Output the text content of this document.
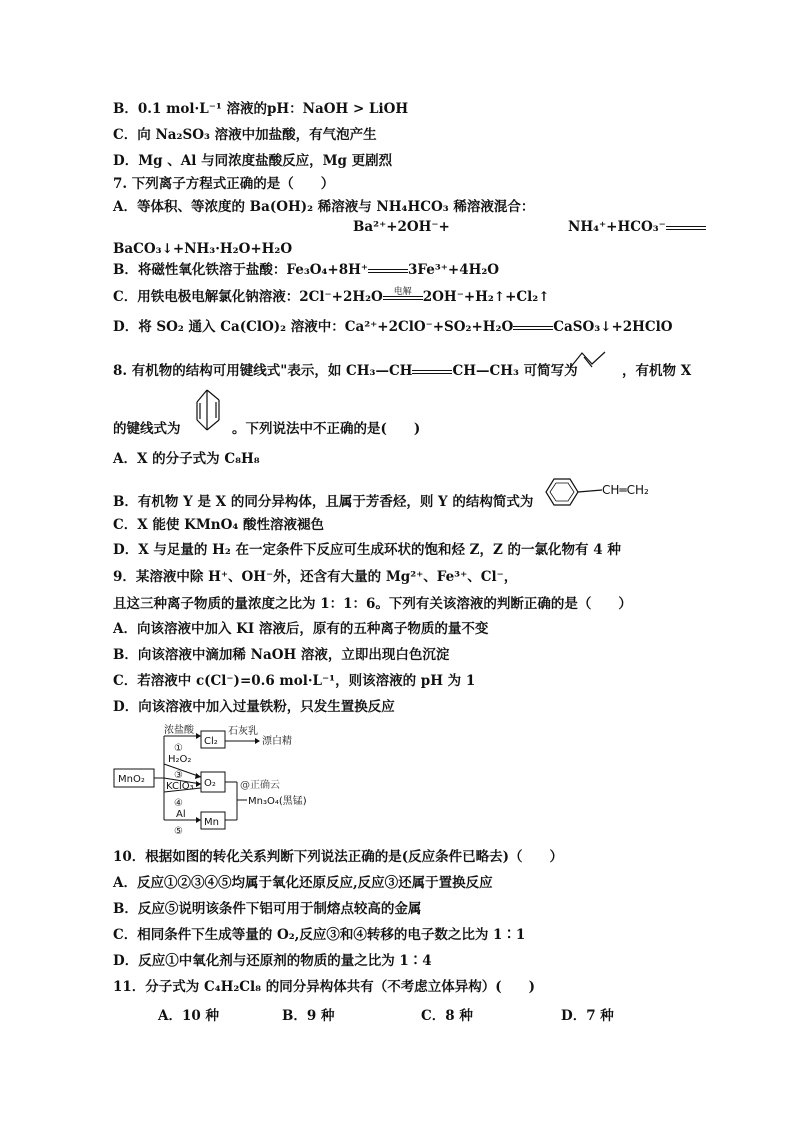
B．0.1 mol·L⁻¹ 溶液的pH：NaOH > LiOH
C．向 Na₂SO₃ 溶液中加盐酸，有气泡产生
D．Mg 、Al 与同浓度盐酸反应，Mg 更剧烈
7. 下列离子方程式正确的是（　　）
A．等体积、等浓度的 Ba(OH)₂ 稀溶液与 NH₄HCO₃ 稀溶液混合：
Ba²⁺+2OH⁻+	NH₄⁺+HCO₃⁻
BaCO₃↓+NH₃·H₂O+H₂O
B．将磁性氧化铁溶于盐酸：Fe₃O₄+8H⁺	3Fe³⁺+4H₂O
C．用铁电极电解氯化钠溶液：2Cl⁻+2H₂O	电解 2OH⁻+H₂↑+Cl₂↑
D．将 SO₂ 通入 Ca(ClO)₂ 溶液中：Ca²⁺+2ClO⁻+SO₂+H₂O	CaSO₃↓+2HClO
8. 有机物的结构可用键线式"表示，如 CH₃—CH	CH—CH₃ 可简写为	，有机物 X
的键线式为	。下列说法中不正确的是(　　)
A．X 的分子式为 C₈H₈
B．有机物 Y 是 X 的同分异构体，且属于芳香烃，则 Y 的结构简式为
CH═CH₂
C．X 能使 KMnO₄ 酸性溶液褪色
D．X 与足量的 H₂ 在一定条件下反应可生成环状的饱和烃 Z，Z 的一氯化物有 4 种
9．某溶液中除 H⁺、OH⁻外，还含有大量的 Mg²⁺、Fe³⁺、Cl⁻，
且这三种离子物质的量浓度之比为 1：1：6。下列有关该溶液的判断正确的是（　　）
A．向该溶液中加入 KI 溶液后，原有的五种离子物质的量不变
B．向该溶液中滴加稀 NaOH 溶液，立即出现白色沉淀
C．若溶液中 c(Cl⁻)=0.6 mol·L⁻¹，则该溶液的 pH 为 1
D．向该溶液中加入过量铁粉，只发生置换反应
MnO₂
浓盐酸
①
Cl₂
石灰乳
漂白精
H₂O₂
③
KClO₃ O₂
④
Al
⑤
Mn
@正确云
Mn₃O₄(黑锰)
10．根据如图的转化关系判断下列说法正确的是(反应条件已略去)（　　）
A．反应①②③④⑤均属于氧化还原反应,反应③还属于置换反应
B．反应⑤说明该条件下铝可用于制熔点较高的金属
C．相同条件下生成等量的 O₂,反应③和④转移的电子数之比为 1∶1
D．反应①中氧化剂与还原剂的物质的量之比为 1∶4
11．分子式为 C₄H₂Cl₈ 的同分异构体共有（不考虑立体异构）(　　)
A．10 种	B．9 种	C．8 种	D．7 种
